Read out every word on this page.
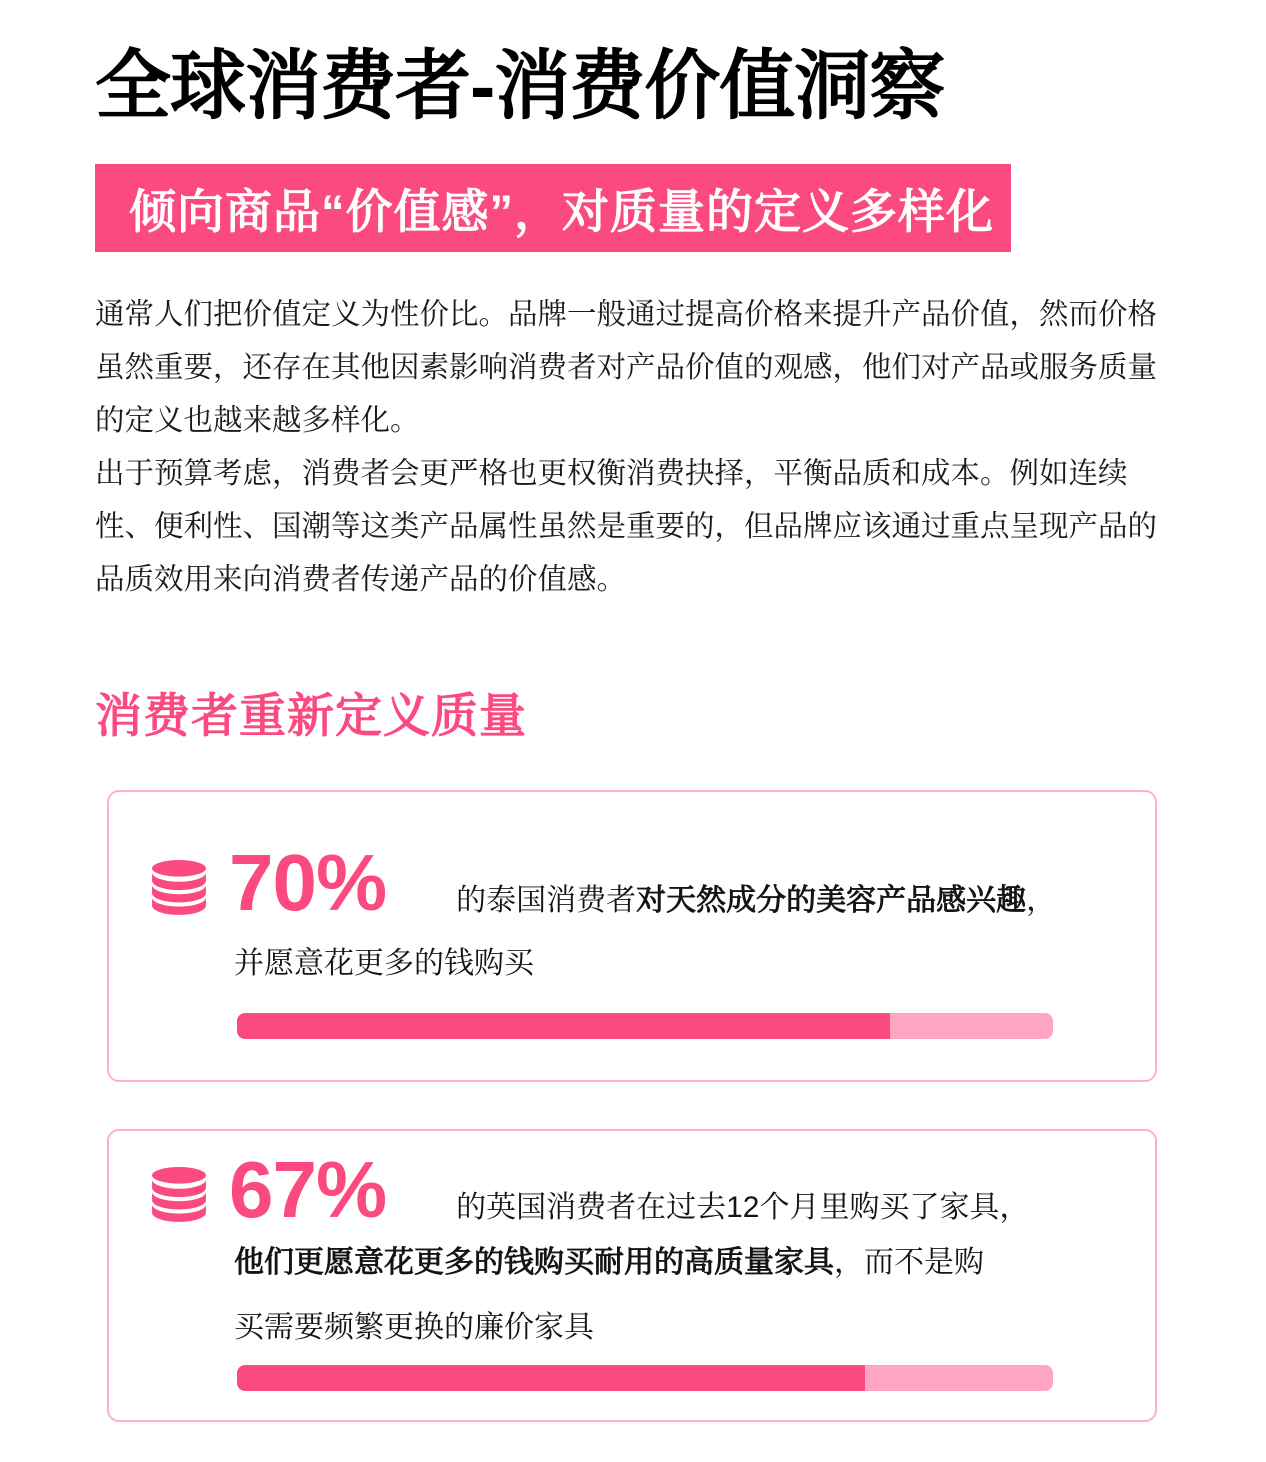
全球消费者-消费价值洞察
倾向商品“价值感”，对质量的定义多样化

通常人们把价值定义为性价比。品牌一般通过提高价格来提升产品价值，然而价格虽然重要，还存在其他因素影响消费者对产品价值的观感，他们对产品或服务质量的定义也越来越多样化。

出于预算考虑，消费者会更严格也更权衡消费抉择，平衡品质和成本。例如连续性、便利性、国潮等这类产品属性虽然是重要的，但品牌应该通过重点呈现产品的品质效用来向消费者传递产品的价值感。

消费者重新定义质量
70% 的泰国消费者对天然成分的美容产品感兴趣，
并愿意花更多的钱购买
67% 的英国消费者在过去12个月里购买了家具，
他们更愿意花更多的钱购买耐用的高质量家具，而不是购
买需要频繁更换的廉价家具
